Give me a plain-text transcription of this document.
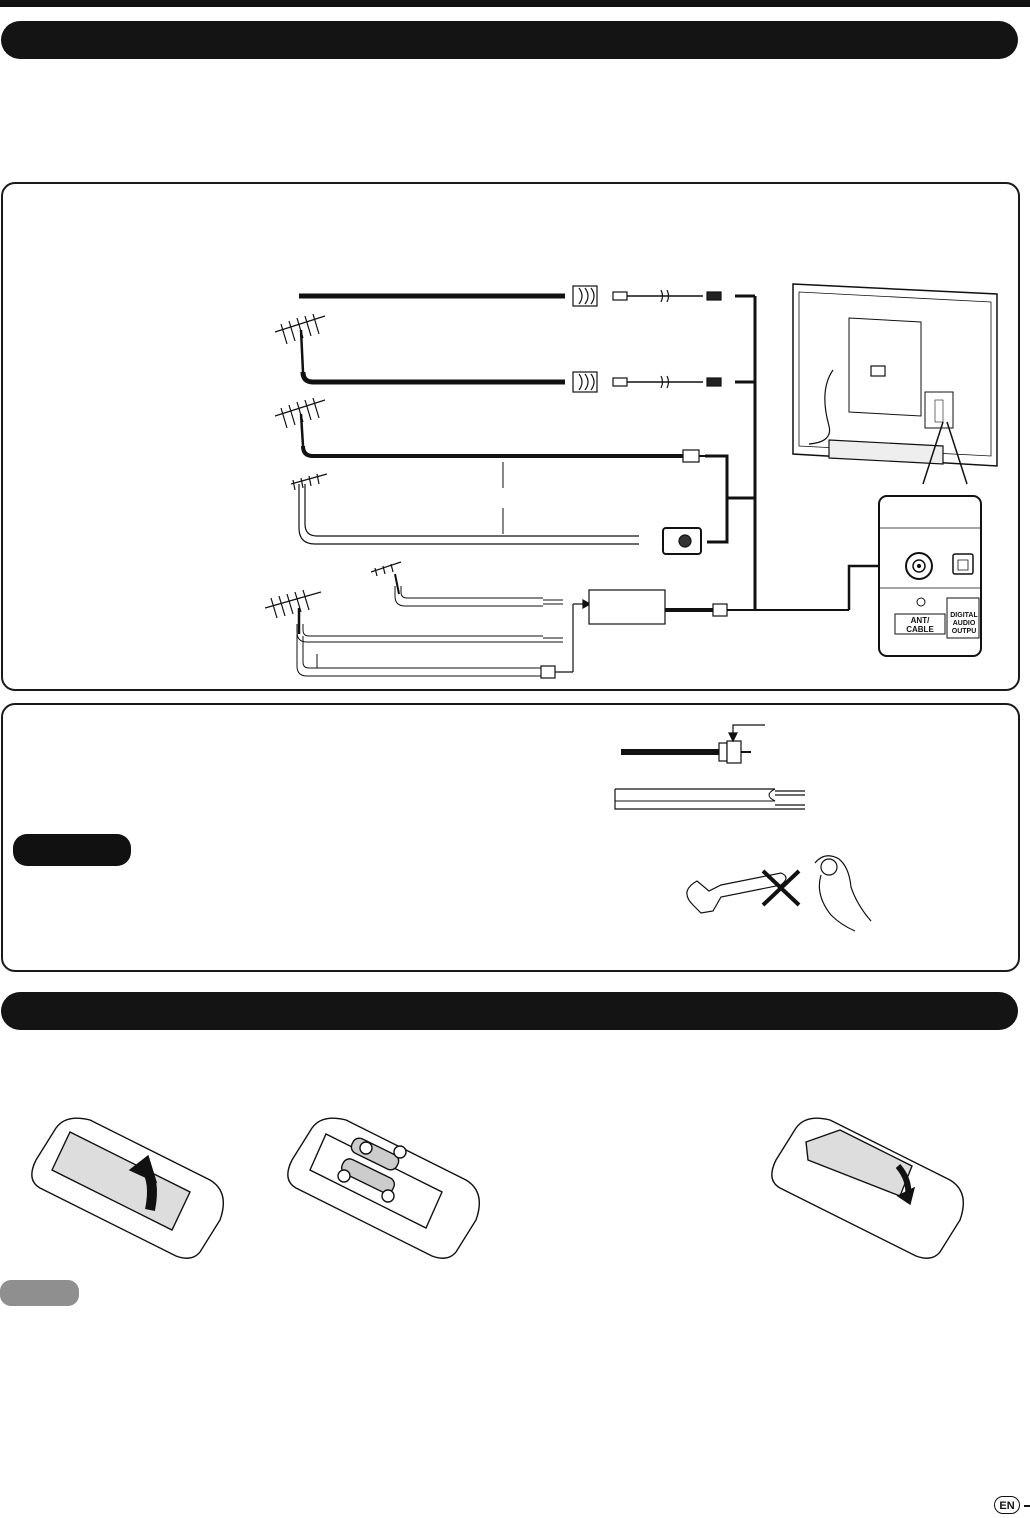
ANT/
CABLE
DIGITAL
AUDIO
OUTPU
EN
